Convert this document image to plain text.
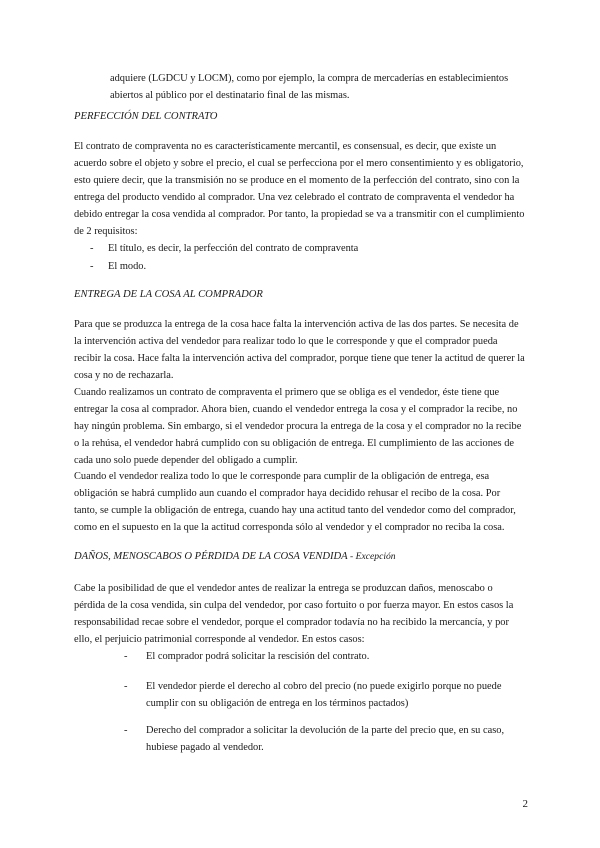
adquiere (LGDCU y LOCM), como por ejemplo, la compra de mercaderías en establecimientos abiertos al público por el destinatario final de las mismas.

PERFECCIÓN DEL CONTRATO

El contrato de compraventa no es característicamente mercantil, es consensual, es decir, que existe un acuerdo sobre el objeto y sobre el precio, el cual se perfecciona por el mero consentimiento y es obligatorio, esto quiere decir, que la transmisión no se produce en el momento de la perfección del contrato, sino con la entrega del producto vendido al comprador. Una vez celebrado el contrato de compraventa el vendedor ha debido entregar la cosa vendida al comprador. Por tanto, la propiedad se va a transmitir con el cumplimiento de 2 requisitos:

- El título, es decir, la perfección del contrato de compraventa
- El modo.

ENTREGA DE LA COSA AL COMPRADOR

Para que se produzca la entrega de la cosa hace falta la intervención activa de las dos partes. Se necesita de la intervención activa del vendedor para realizar todo lo que le corresponde y que el comprador pueda recibir la cosa. Hace falta la intervención activa del comprador, porque tiene que tener la actitud de querer la cosa y no de rechazarla.

Cuando realizamos un contrato de compraventa el primero que se obliga es el vendedor, éste tiene que entregar la cosa al comprador. Ahora bien, cuando el vendedor entrega la cosa y el comprador la recibe, no hay ningún problema. Sin embargo, si el vendedor procura la entrega de la cosa y el comprador no la recibe o la rehúsa, el vendedor habrá cumplido con su obligación de entrega. El cumplimiento de las acciones de cada uno solo puede depender del obligado a cumplir.

Cuando el vendedor realiza todo lo que le corresponde para cumplir de la obligación de entrega, esa obligación se habrá cumplido aun cuando el comprador haya decidido rehusar el recibo de la cosa. Por tanto, se cumple la obligación de entrega, cuando hay una actitud tanto del vendedor como del comprador, como en el supuesto en la que la actitud corresponda sólo al vendedor y el comprador no reciba la cosa.

DAÑOS, MENOSCABOS O PÉRDIDA DE LA COSA VENDIDA - Excepción

Cabe la posibilidad de que el vendedor antes de realizar la entrega se produzcan daños, menoscabo o pérdida de la cosa vendida, sin culpa del vendedor, por caso fortuito o por fuerza mayor. En estos casos la responsabilidad recae sobre el vendedor, porque el comprador todavía no ha recibido la mercancía, y por ello, el perjuicio patrimonial corresponde al vendedor. En estos casos:

- El comprador podrá solicitar la rescisión del contrato.
- El vendedor pierde el derecho al cobro del precio (no puede exigirlo porque no puede cumplir con su obligación de entrega en los términos pactados)
- Derecho del comprador a solicitar la devolución de la parte del precio que, en su caso, hubiese pagado al vendedor.
2
